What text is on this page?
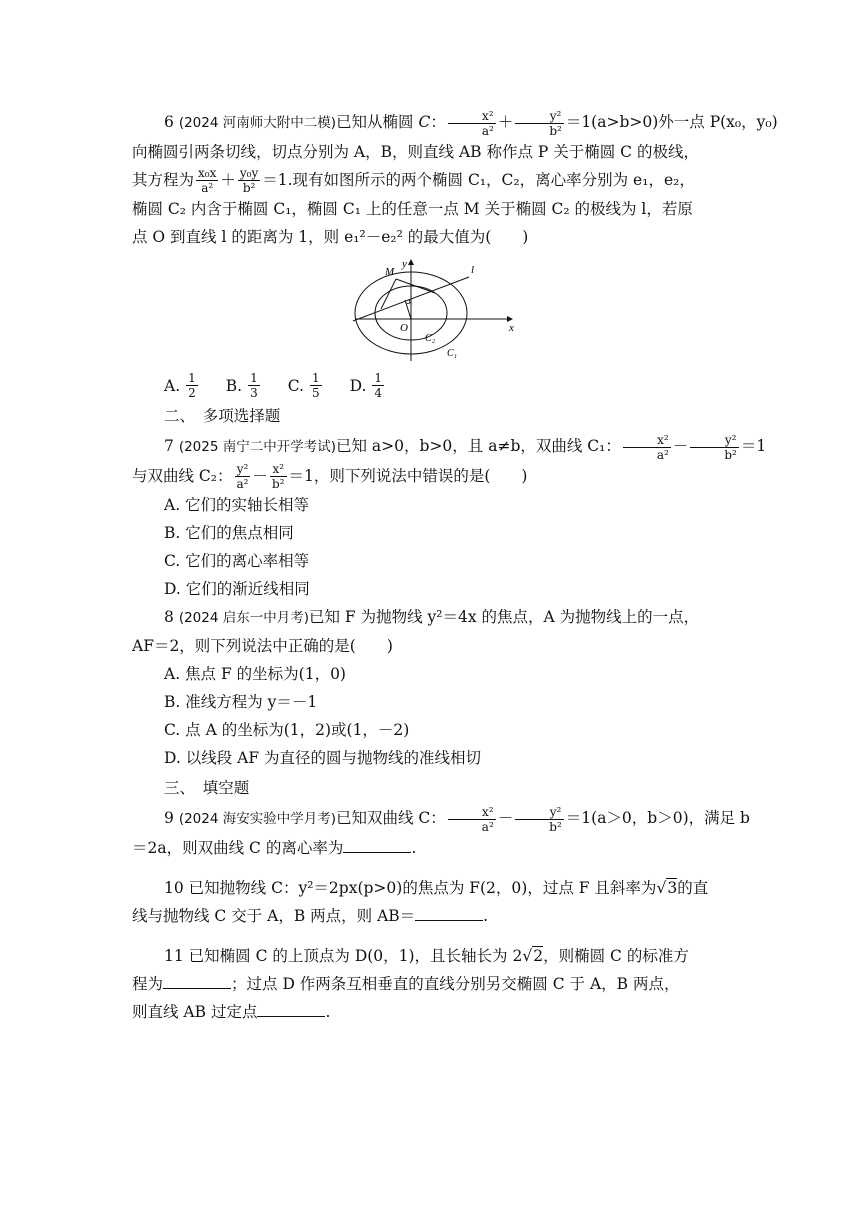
6 (2024 河南师大附中二模)已知从椭圆 C： $\frac{\text{x²}}{\text{a²}} + \frac{\text{y²}}{\text{b²}} =1(a>b>0)$外一点 P(x₀，y₀)
向椭圆引两条切线，切点分别为 A，B，则直线 AB 称作点 P 关于椭圆 C 的极线，
其方程为 $\frac{\text{x₀x}}{\text{a²}} + \frac{\text{y₀y}}{\text{b²}} =1$.现有如图所示的两个椭圆 C₁，C₂，离心率分别为 e₁，e₂，
椭圆 C₂ 内含于椭圆 C₁，椭圆 C₁ 上的任意一点 M 关于椭圆 C₂ 的极线为 l，若原
点 O 到直线 l 的距离为 1，则 e₁²－e₂² 的最大值为(　　)
M
y	l
O	x
C₂
C₁
A. $\frac{1}{2} B$. $\frac{1}{3} C$. $\frac{1}{5} D$. $\frac{1}{4}$
二、　多项选择题
7 (2025 南宁二中开学考试)已知 a>0，b>0，且 a≠b，双曲线 C₁： $\frac{\text{x²}}{\text{a²}} - \frac{\text{y²}}{\text{b²}} =1$
与双曲线 C₂： $\frac{\text{y²}}{\text{a²}} - \frac{\text{x²}}{\text{b²}} =1$，则下列说法中错误的是(　　)
A. 它们的实轴长相等
B. 它们的焦点相同
C. 它们的离心率相等
D. 它们的渐近线相同
8 (2024 启东一中月考)已知 F 为抛物线 y²＝4x 的焦点，A 为抛物线上的一点，
AF＝2，则下列说法中正确的是(　　)
A. 焦点 F 的坐标为(1，0)
B. 准线方程为 y＝－1
C. 点 A 的坐标为(1，2)或(1，－2)
D. 以线段 AF 为直径的圆与抛物线的准线相切
三、　填空题
9 (2024 海安实验中学月考)已知双曲线 C： $\frac{\text{x²}}{\text{a²}} - \frac{\text{y²}}{\text{b²}} =1(a>0$，b＞0)，满足 b
＝2a，则双曲线 C 的离心率为	.
10 已知抛物线 C：y²＝2px(p>0)的焦点为 F(2，0)，过点 F 且斜率为√3的直
线与抛物线 C 交于 A，B 两点，则 AB＝	.
11 已知椭圆 C 的上顶点为 D(0，1)，且长轴长为 2√2，则椭圆 C 的标准方
程为	；过点 D 作两条互相垂直的直线分别另交椭圆 C 于 A，B 两点，
则直线 AB 过定点	.
